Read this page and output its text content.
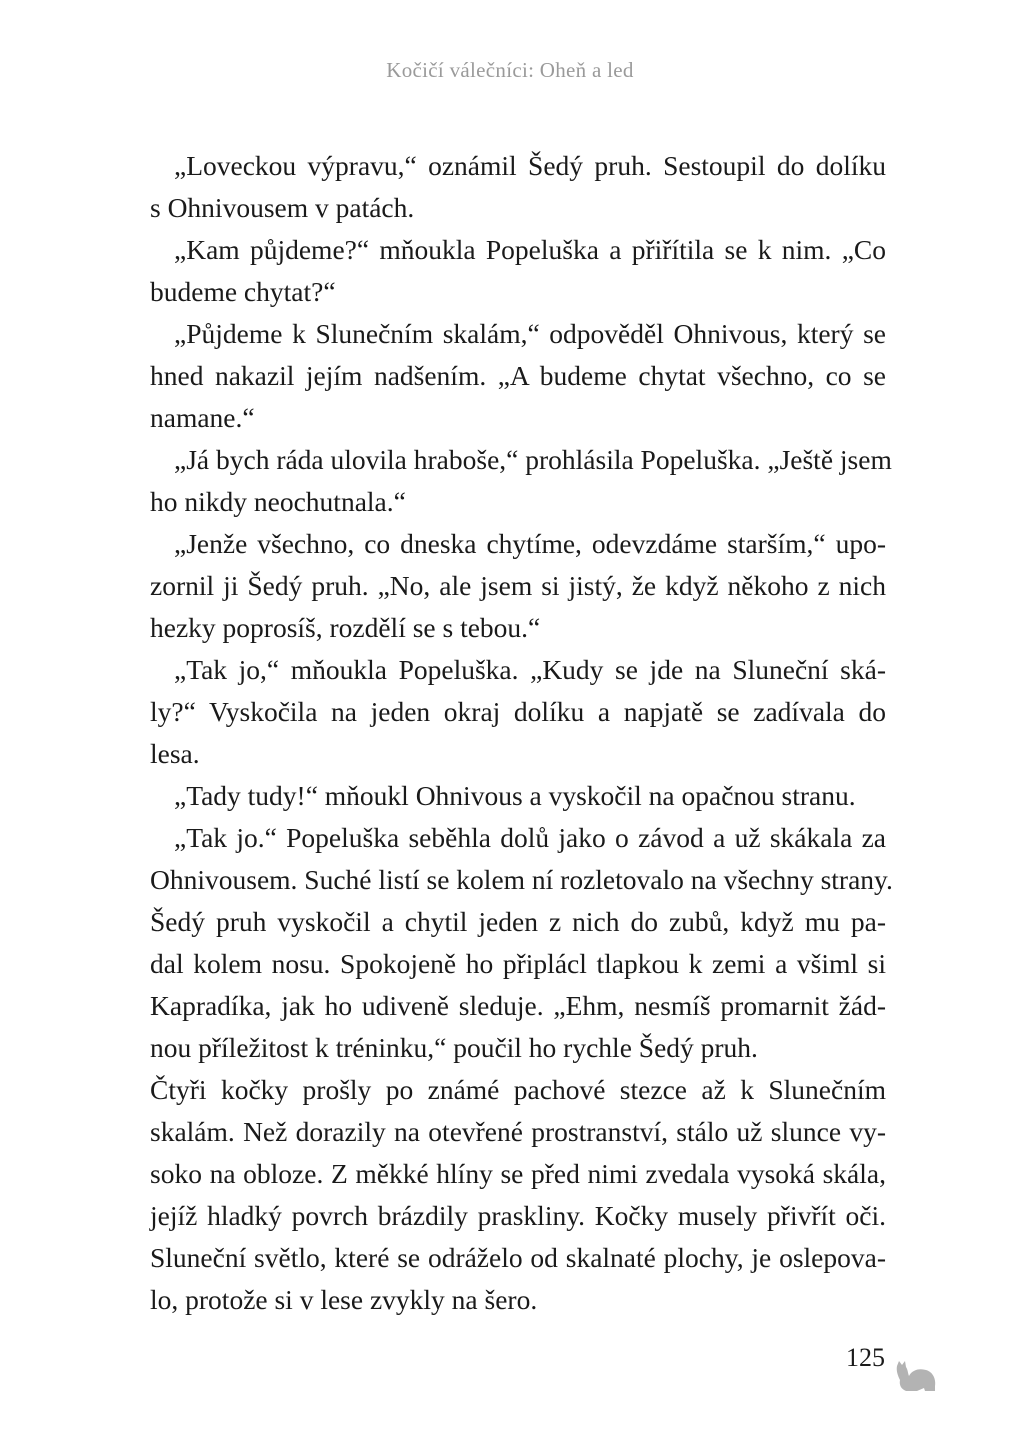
Kočičí válečníci: Oheň a led
„Loveckou výpravu,“ oznámil Šedý pruh. Sestoupil do dolíku
s Ohnivousem v patách.
„Kam půjdeme?“ mňoukla Popeluška a přiřítila se k nim. „Co
budeme chytat?“
„Půjdeme k Slunečním skalám,“ odpověděl Ohnivous, který se
hned nakazil jejím nadšením. „A budeme chytat všechno, co se
namane.“
„Já bych ráda ulovila hraboše,“ prohlásila Popeluška. „Ještě jsem
ho nikdy neochutnala.“
„Jenže všechno, co dneska chytíme, odevzdáme starším,“ upo-
zornil ji Šedý pruh. „No, ale jsem si jistý, že když někoho z nich
hezky poprosíš, rozdělí se s tebou.“
„Tak jo,“ mňoukla Popeluška. „Kudy se jde na Sluneční ská-
ly?“ Vyskočila na jeden okraj dolíku a napjatě se zadívala do
lesa.
„Tady tudy!“ mňoukl Ohnivous a vyskočil na opačnou stranu.
„Tak jo.“ Popeluška seběhla dolů jako o závod a už skákala za
Ohnivousem. Suché listí se kolem ní rozletovalo na všechny strany.
Šedý pruh vyskočil a chytil jeden z nich do zubů, když mu pa-
dal kolem nosu. Spokojeně ho připlácl tlapkou k zemi a všiml si
Kapradíka, jak ho udiveně sleduje. „Ehm, nesmíš promarnit žád-
nou příležitost k tréninku,“ poučil ho rychle Šedý pruh.
Čtyři kočky prošly po známé pachové stezce až k Slunečním
skalám. Než dorazily na otevřené prostranství, stálo už slunce vy-
soko na obloze. Z měkké hlíny se před nimi zvedala vysoká skála,
jejíž hladký povrch brázdily praskliny. Kočky musely přivřít oči.
Sluneční světlo, které se odráželo od skalnaté plochy, je oslepova-
lo, protože si v lese zvykly na šero.
125
